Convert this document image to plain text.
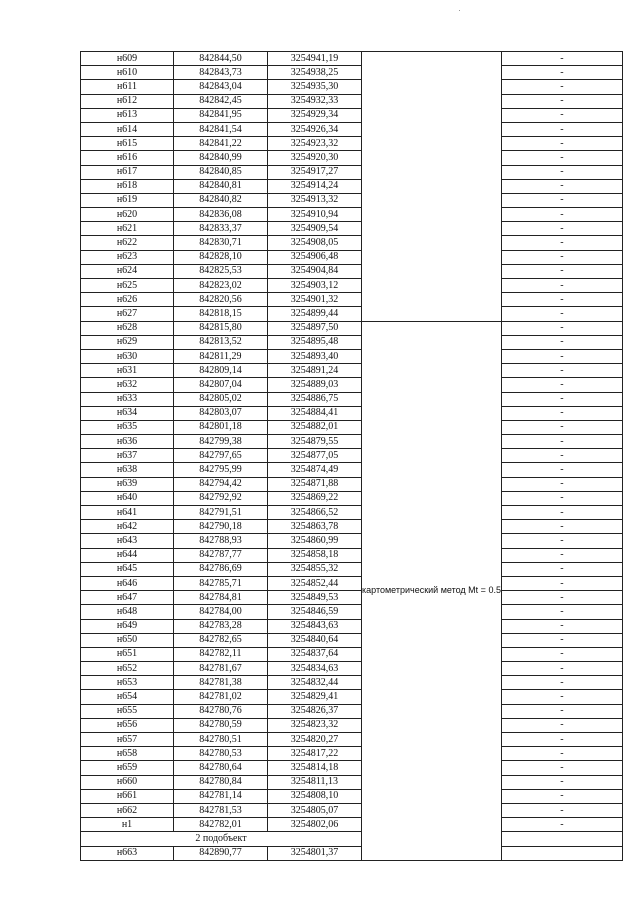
н609	842844,50	3254941,19		-
н610	842843,73	3254938,25		-
н611	842843,04	3254935,30		-
н612	842842,45	3254932,33		-
н613	842841,95	3254929,34		-
н614	842841,54	3254926,34		-
н615	842841,22	3254923,32		-
н616	842840,99	3254920,30		-
н617	842840,85	3254917,27		-
н618	842840,81	3254914,24		-
н619	842840,82	3254913,32		-
н620	842836,08	3254910,94		-
н621	842833,37	3254909,54		-
н622	842830,71	3254908,05		-
н623	842828,10	3254906,48		-
н624	842825,53	3254904,84		-
н625	842823,02	3254903,12		-
н626	842820,56	3254901,32		-
н627	842818,15	3254899,44		-
н628	842815,80	3254897,50	картометрический метод Mt = 0.5	-
н629	842813,52	3254895,48		-
н630	842811,29	3254893,40		-
н631	842809,14	3254891,24		-
н632	842807,04	3254889,03		-
н633	842805,02	3254886,75		-
н634	842803,07	3254884,41		-
н635	842801,18	3254882,01		-
н636	842799,38	3254879,55		-
н637	842797,65	3254877,05		-
н638	842795,99	3254874,49		-
н639	842794,42	3254871,88		-
н640	842792,92	3254869,22		-
н641	842791,51	3254866,52		-
н642	842790,18	3254863,78		-
н643	842788,93	3254860,99		-
н644	842787,77	3254858,18		-
н645	842786,69	3254855,32		-
н646	842785,71	3254852,44		-
н647	842784,81	3254849,53		-
н648	842784,00	3254846,59		-
н649	842783,28	3254843,63		-
н650	842782,65	3254840,64		-
н651	842782,11	3254837,64		-
н652	842781,67	3254834,63		-
н653	842781,38	3254832,44		-
н654	842781,02	3254829,41		-
н655	842780,76	3254826,37		-
н656	842780,59	3254823,32		-
н657	842780,51	3254820,27		-
н658	842780,53	3254817,22		-
н659	842780,64	3254814,18		-
н660	842780,84	3254811,13		-
н661	842781,14	3254808,10		-
н662	842781,53	3254805,07		-
н1	842782,01	3254802,06		-
2 подобъект				
н663	842890,77	3254801,37		
